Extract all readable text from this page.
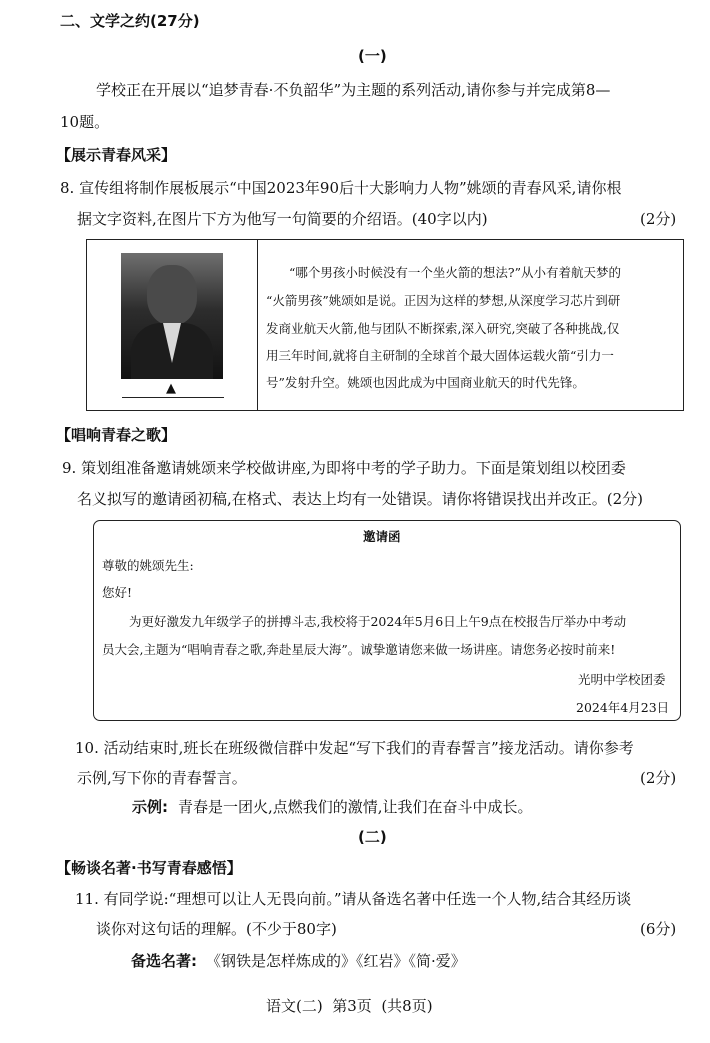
二、文学之约(27分)
(一)
学校正在开展以“追梦青春·不负韶华”为主题的系列活动,请你参与并完成第8—
10题。
【展示青春风采】
8. 宣传组将制作展板展示“中国2023年90后十大影响力人物”姚颂的青春风采,请你根
据文字资料,在图片下方为他写一句简要的介绍语。(40字以内)	(2分)
▲
“哪个男孩小时候没有一个坐火箭的想法?”从小有着航天梦的
“火箭男孩”姚颂如是说。正因为这样的梦想,从深度学习芯片到研
发商业航天火箭,他与团队不断探索,深入研究,突破了各种挑战,仅
用三年时间,就将自主研制的全球首个最大固体运载火箭“引力一
号”发射升空。姚颂也因此成为中国商业航天的时代先锋。
【唱响青春之歌】
9. 策划组准备邀请姚颂来学校做讲座,为即将中考的学子助力。下面是策划组以校团委
名义拟写的邀请函初稿,在格式、表达上均有一处错误。请你将错误找出并改正。(2分)
邀请函
尊敬的姚颂先生:
您好!
为更好激发九年级学子的拼搏斗志,我校将于2024年5月6日上午9点在校报告厅举办中考动
员大会,主题为“唱响青春之歌,奔赴星辰大海”。诚挚邀请您来做一场讲座。请您务必按时前来!
光明中学校团委
2024年4月23日
10. 活动结束时,班长在班级微信群中发起“写下我们的青春誓言”接龙活动。请你参考
示例,写下你的青春誓言。	(2分)
示例: 青春是一团火,点燃我们的激情,让我们在奋斗中成长。
(二)
【畅谈名著·书写青春感悟】
11. 有同学说:“理想可以让人无畏向前。”请从备选名著中任选一个人物,结合其经历谈
谈你对这句话的理解。(不少于80字)	(6分)
备选名著: 《钢铁是怎样炼成的》《红岩》《简·爱》
语文(二)  第3页  (共8页)
